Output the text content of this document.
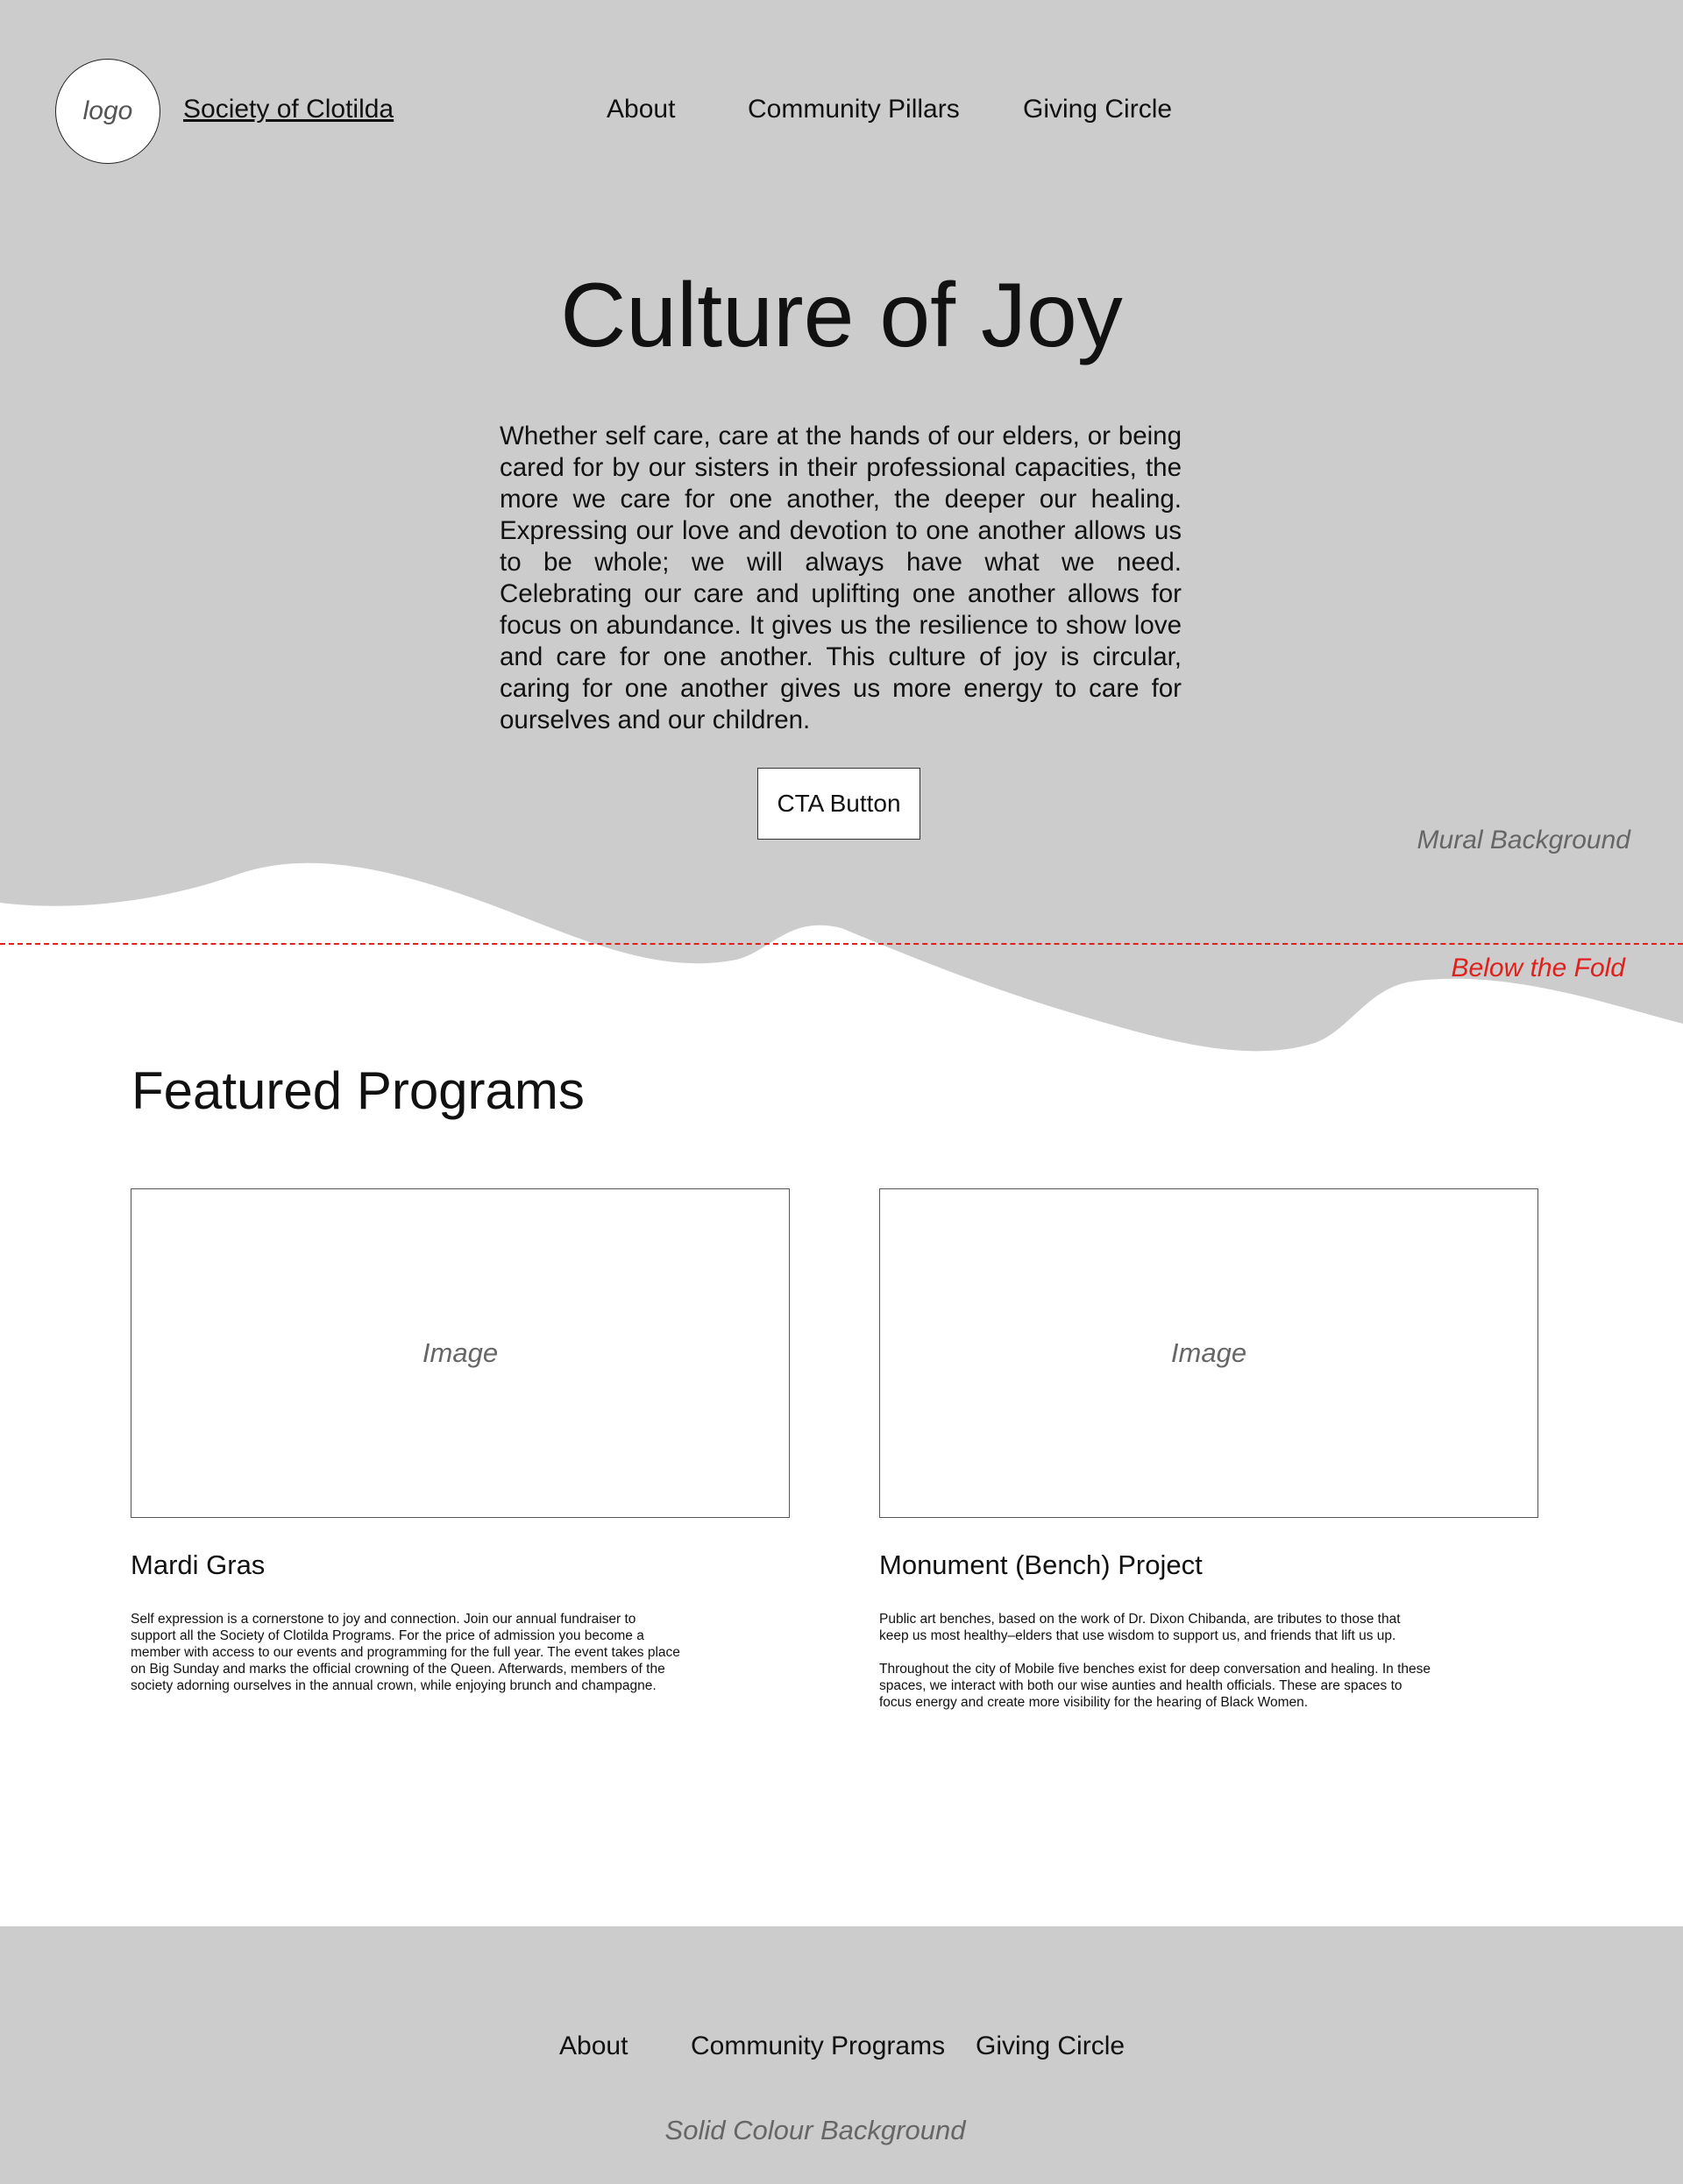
logo Society of Clotilda	About	Community Pillars Giving Circle
Culture of Joy
Whether self care, care at the hands of our elders, or being cared for by our sisters in their professional capacities, the more we care for one another, the deeper our healing. Expressing our love and devotion to one another allows us to be whole; we will always have what we need. Celebrating our care and uplifting one another allows for focus on abundance. It gives us the resilience to show love and care for one another. This culture of joy is circular, caring for one another gives us more energy to care for ourselves and our children.
CTA Button
Mural Background
Below the Fold
Featured Programs
Image
Mardi Gras

Self expression is a cornerstone to joy and connection. Join our annual fundraiser to support all the Society of Clotilda Programs. For the price of admission you become a member with access to our events and programming for the full year. The event takes place on Big Sunday and marks the official crowning of the Queen. Afterwards, members of the society adorning ourselves in the annual crown, while enjoying brunch and champagne.

Image
Monument (Bench) Project

Public art benches, based on the work of Dr. Dixon Chibanda, are tributes to those that keep us most healthy–elders that use wisdom to support us, and friends that lift us up.

Throughout the city of Mobile five benches exist for deep conversation and healing. In these spaces, we interact with both our wise aunties and health officials. These are spaces to focus energy and create more visibility for the hearing of Black Women.

About Community Programs Giving Circle
Solid Colour Background
